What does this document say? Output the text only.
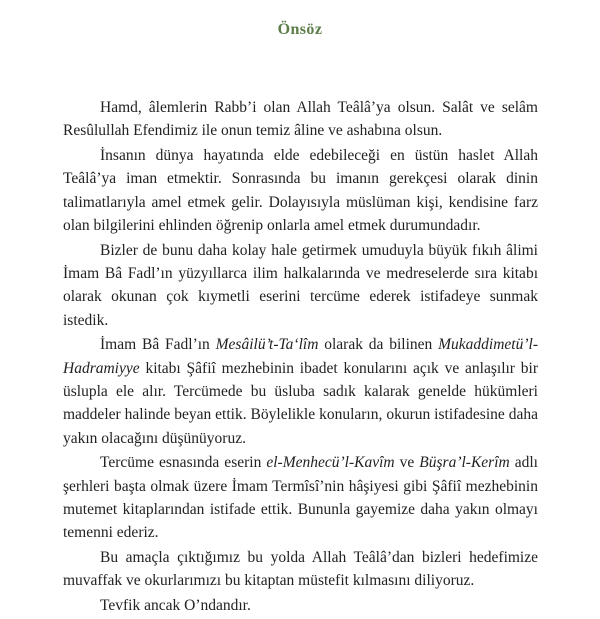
Önsöz

Hamd, âlemlerin Rabb’i olan Allah Teâlâ’ya olsun. Salât ve selâm Resûlullah Efendimiz ile onun temiz âline ve ashabına olsun.

İnsanın dünya hayatında elde edebileceği en üstün haslet Allah Teâlâ’ya iman etmektir. Sonrasında bu imanın gerekçesi olarak dinin talimatlarıyla amel etmek gelir. Dolayısıyla müslüman kişi, kendisine farz olan bilgilerini ehlinden öğrenip onlarla amel etmek durumundadır.

Bizler de bunu daha kolay hale getirmek umuduyla büyük fıkıh âlimi İmam Bâ Fadl’ın yüzyıllarca ilim halkalarında ve medreselerde sıra kitabı olarak okunan çok kıymetli eserini tercüme ederek istifadeye sunmak istedik.

İmam Bâ Fadl’ın Mesâilü’t-Ta‘lîm olarak da bilinen Mukaddimetü’l-Hadramiyye kitabı Şâfiî mezhebinin ibadet konularını açık ve anlaşılır bir üslupla ele alır. Tercümede bu üsluba sadık kalarak genelde hükümleri maddeler halinde beyan ettik. Böylelikle konuların, okurun istifadesine daha yakın olacağını düşünüyoruz.

Tercüme esnasında eserin el-Menhecü’l-Kavîm ve Büşra’l-Kerîm adlı şerhleri başta olmak üzere İmam Termîsî’nin hâşiyesi gibi Şâfiî mezhebinin mutemet kitaplarından istifade ettik. Bununla gayemize daha yakın olmayı temenni ederiz.

Bu amaçla çıktığımız bu yolda Allah Teâlâ’dan bizleri hedefimize muvaffak ve okurlarımızı bu kitaptan müstefit kılmasını diliyoruz.

Tevfik ancak O’ndandır.
